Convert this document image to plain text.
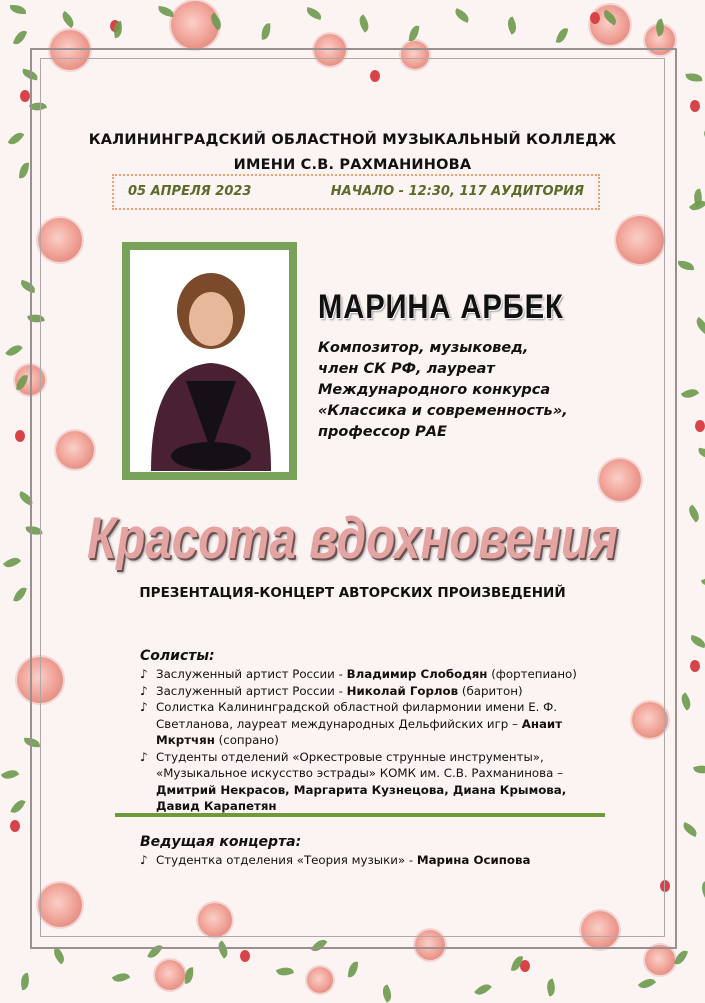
КАЛИНИНГРАДСКИЙ ОБЛАСТНОЙ МУЗЫКАЛЬНЫЙ КОЛЛЕДЖ
ИМЕНИ С.В. РАХМАНИНОВА
05 АПРЕЛЯ 2023	НАЧАЛО - 12:30, 117 АУДИТОРИЯ
МАРИНА АРБЕК
Композитор, музыковед,
член СК РФ, лауреат
Международного конкурса
«Классика и современность»,
профессор РАЕ
Красота вдохновения
ПРЕЗЕНТАЦИЯ-КОНЦЕРТ АВТОРСКИХ ПРОИЗВЕДЕНИЙ
Солисты:
♪ Заслуженный артист России - Владимир Слободян (фортепиано)
♪ Заслуженный артист России - Николай Горлов (баритон)
♪ Солистка Калининградской областной филармонии имени Е. Ф. Светланова, лауреат международных Дельфийских игр – Анаит Мкртчян (сопрано)
♪ Студенты отделений «Оркестровые струнные инструменты», «Музыкальное искусство эстрады» КОМК им. С.В. Рахманинова – Дмитрий Некрасов, Маргарита Кузнецова, Диана Крымова, Давид Карапетян
Ведущая концерта:
♪ Студентка отделения «Теория музыки» - Марина Осипова
